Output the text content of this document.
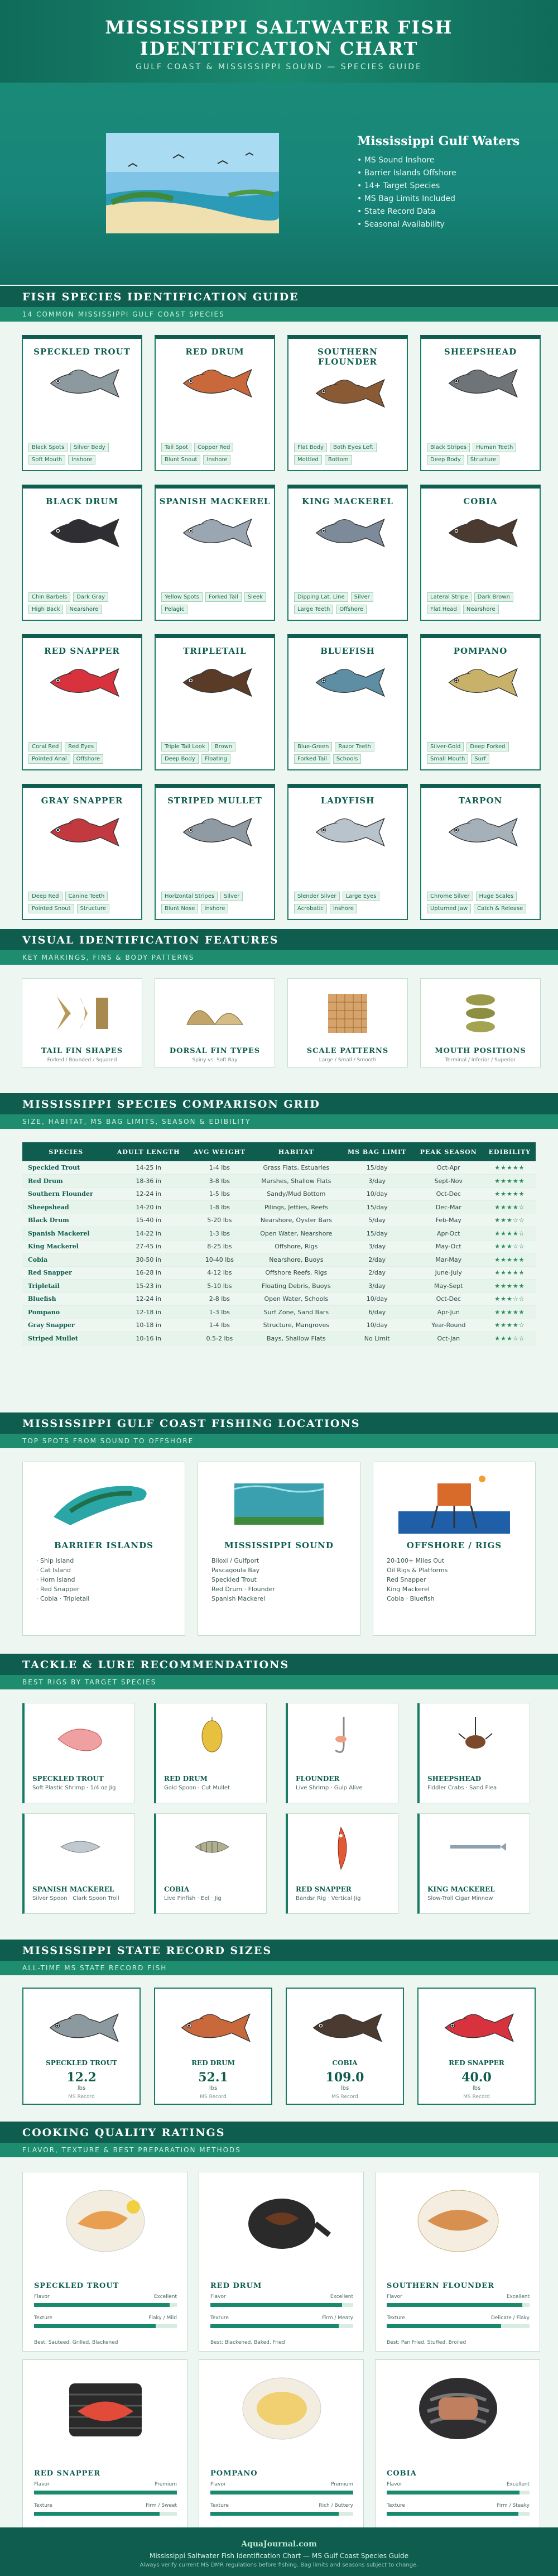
MISSISSIPPI SALTWATER FISH
IDENTIFICATION CHART
GULF COAST & MISSISSIPPI SOUND — SPECIES GUIDE
Mississippi Gulf Waters
• MS Sound Inshore
• Barrier Islands Offshore
• 14+ Target Species
• MS Bag Limits Included
• State Record Data
• Seasonal Availability
FISH SPECIES IDENTIFICATION GUIDE
14 COMMON MISSISSIPPI GULF COAST SPECIES
SPECKLED TROUT
Black Spots	Silver Body
Soft Mouth	Inshore
RED DRUM
Tail Spot	Copper Red
Blunt Snout	Inshore
SOUTHERN FLOUNDER
Flat Body	Both Eyes Left
Mottled	Bottom
SHEEPSHEAD
Black Stripes	Human Teeth
Deep Body	Structure
BLACK DRUM
Chin Barbels	Dark Gray
High Back	Nearshore
SPANISH MACKEREL
Yellow Spots	Forked Tail	Sleek
Pelagic
KING MACKEREL
Dipping Lat. Line	Silver
Large Teeth	Offshore
COBIA
Lateral Stripe	Dark Brown
Flat Head	Nearshore
RED SNAPPER
Coral Red	Red Eyes
Pointed Anal	Offshore
TRIPLETAIL
Triple Tail Look	Brown
Deep Body	Floating
BLUEFISH
Blue-Green	Razor Teeth
Forked Tail	Schools
POMPANO
Silver-Gold	Deep Forked
Small Mouth	Surf
GRAY SNAPPER
Deep Red	Canine Teeth
Pointed Snout	Structure
STRIPED MULLET
Horizontal Stripes	Silver
Blunt Nose	Inshore
LADYFISH
Slender Silver	Large Eyes
Acrobatic	Inshore
TARPON
Chrome Silver	Huge Scales
Upturned Jaw	Catch & Release
VISUAL IDENTIFICATION FEATURES
KEY MARKINGS, FINS & BODY PATTERNS
TAIL FIN SHAPES
Forked / Rounded / Squared
DORSAL FIN TYPES
Spiny vs. Soft Ray
SCALE PATTERNS
Large / Small / Smooth
MOUTH POSITIONS
Terminal / Inferior / Superior
MISSISSIPPI SPECIES COMPARISON GRID
SIZE, HABITAT, MS BAG LIMITS, SEASON & EDIBILITY
SPECIES	ADULT LENGTH	AVG WEIGHT	HABITAT	MS BAG LIMIT	PEAK SEASON	EDIBILITY
Speckled Trout	14-25 in	1-4 lbs	Grass Flats, Estuaries	15/day	Oct-Apr	★★★★★
Red Drum	18-36 in	3-8 lbs	Marshes, Shallow Flats	3/day	Sept-Nov	★★★★★
Southern Flounder	12-24 in	1-5 lbs	Sandy/Mud Bottom	10/day	Oct-Dec	★★★★★
Sheepshead	14-20 in	1-8 lbs	Pilings, Jetties, Reefs	15/day	Dec-Mar	★★★★☆
Black Drum	15-40 in	5-20 lbs	Nearshore, Oyster Bars	5/day	Feb-May	★★★☆☆
Spanish Mackerel	14-22 in	1-3 lbs	Open Water, Nearshore	15/day	Apr-Oct	★★★★☆
King Mackerel	27-45 in	8-25 lbs	Offshore, Rigs	3/day	May-Oct	★★★☆☆
Cobia	30-50 in	10-40 lbs	Nearshore, Buoys	2/day	Mar-May	★★★★★
Red Snapper	16-28 in	4-12 lbs	Offshore Reefs, Rigs	2/day	June-July	★★★★★
Tripletail	15-23 in	5-10 lbs	Floating Debris, Buoys	3/day	May-Sept	★★★★★
Bluefish	12-24 in	2-8 lbs	Open Water, Schools	10/day	Oct-Dec	★★★☆☆
Pompano	12-18 in	1-3 lbs	Surf Zone, Sand Bars	6/day	Apr-Jun	★★★★★
Gray Snapper	10-18 in	1-4 lbs	Structure, Mangroves	10/day	Year-Round	★★★★☆
Striped Mullet	10-16 in	0.5-2 lbs	Bays, Shallow Flats	No Limit	Oct-Jan	★★★☆☆
MISSISSIPPI GULF COAST FISHING LOCATIONS
TOP SPOTS FROM SOUND TO OFFSHORE
BARRIER ISLANDS
· Ship Island
· Cat Island
· Horn Island
· Red Snapper
· Cobia · Tripletail
MISSISSIPPI SOUND
Biloxi / Gulfport
Pascagoula Bay
Speckled Trout
Red Drum · Flounder
Spanish Mackerel
OFFSHORE / RIGS
20-100+ Miles Out
Oil Rigs & Platforms
Red Snapper
King Mackerel
Cobia · Bluefish
TACKLE & LURE RECOMMENDATIONS
BEST RIGS BY TARGET SPECIES
SPECKLED TROUT
Soft Plastic Shrimp · 1/4 oz Jig
RED DRUM
Gold Spoon · Cut Mullet
FLOUNDER
Live Shrimp · Gulp Alive
SHEEPSHEAD
Fiddler Crabs · Sand Flea
SPANISH MACKEREL
Silver Spoon · Clark Spoon Troll
COBIA
Live Pinfish · Eel · Jig
RED SNAPPER
Bandsr Rig · Vertical Jig
KING MACKEREL
Slow-Troll Cigar Minnow
MISSISSIPPI STATE RECORD SIZES
ALL-TIME MS STATE RECORD FISH
SPECKLED TROUT
12.2
lbs
MS Record
RED DRUM
52.1
lbs
MS Record
COBIA
109.0
lbs
MS Record
RED SNAPPER
40.0
lbs
MS Record
COOKING QUALITY RATINGS
FLAVOR, TEXTURE & BEST PREPARATION METHODS
SPECKLED TROUT
Flavor	Excellent
Texture	Flaky / Mild
Best: Sauteed, Grilled, Blackened
RED DRUM
Flavor	Excellent
Texture	Firm / Meaty
Best: Blackened, Baked, Fried
SOUTHERN FLOUNDER
Flavor	Excellent
Texture	Delicate / Flaky
Best: Pan Fried, Stuffed, Broiled
RED SNAPPER
Flavor	Premium
Texture	Firm / Sweet
POMPANO
Flavor	Premium
Texture	Rich / Buttery
COBIA
Flavor	Excellent
Texture	Firm / Steaky
AquaJournal.com
Mississippi Saltwater Fish Identification Chart — MS Gulf Coast Species Guide
Always verify current MS DMR regulations before fishing. Bag limits and seasons subject to change.
